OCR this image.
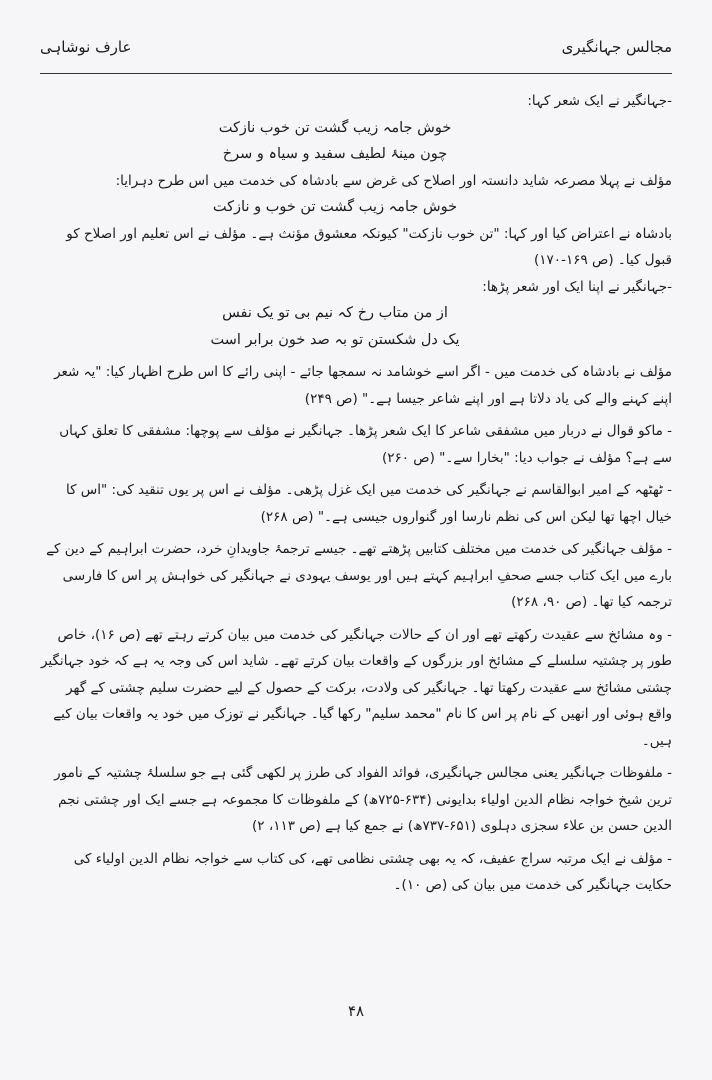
مجالس جہانگیری
عارف نوشاہی

-جہانگیر نے ایک شعر کہا:

خوش جامہ زیب گشت تن خوب نازکت

چون مینۂ لطیف سفید و سیاہ و سرخ

مؤلف نے پہلا مصرعہ شاید دانستہ اور اصلاح کی غرض سے بادشاہ کی خدمت میں اس طرح دہرایا:

خوش جامہ زیب گشت تن خوب و نازکت

بادشاہ نے اعتراض کیا اور کہا: "تن خوب نازکت" کیونکہ معشوق مؤنث ہے۔ مؤلف نے اس تعلیم اور اصلاح کو قبول کیا۔ (ص ۱۶۹-۱۷۰)

-جہانگیر نے اپنا ایک اور شعر پڑھا:

از من متاب رخ کہ نیم بی تو یک نفس

یک دل شکستن تو بہ صد خون برابر است

مؤلف نے بادشاہ کی خدمت میں - اگر اسے خوشامد نہ سمجھا جائے - اپنی رائے کا اس طرح اظہار کیا: "یہ شعر اپنے کہنے والے کی یاد دلاتا ہے اور اپنے شاعر جیسا ہے۔" (ص ۲۴۹)

- ماکو قوال نے دربار میں مشفقی شاعر کا ایک شعر پڑھا۔ جہانگیر نے مؤلف سے پوچھا: مشفقی کا تعلق کہاں سے ہے؟ مؤلف نے جواب دیا: "بخارا سے۔" (ص ۲۶۰)

- ٹھٹھہ کے امیر ابوالقاسم نے جہانگیر کی خدمت میں ایک غزل پڑھی۔ مؤلف نے اس پر یوں تنقید کی: "اس کا خیال اچھا تھا لیکن اس کی نظم نارسا اور گنواروں جیسی ہے۔" (ص ۲۶۸)

- مؤلف جہانگیر کی خدمت میں مختلف کتابیں پڑھتے تھے۔ جیسے ترجمۂ جاویدانِ خرد، حضرت ابراہیم کے دین کے بارے میں ایک کتاب جسے صحفِ ابراہیم کہتے ہیں اور یوسف یہودی نے جہانگیر کی خواہش پر اس کا فارسی ترجمہ کیا تھا۔ (ص ۹۰، ۲۶۸)

- وہ مشائخ سے عقیدت رکھتے تھے اور ان کے حالات جہانگیر کی خدمت میں بیان کرتے رہتے تھے (ص ۱۶)، خاص طور پر چشتیہ سلسلے کے مشائخ اور بزرگوں کے واقعات بیان کرتے تھے۔ شاید اس کی وجہ یہ ہے کہ خود جہانگیر چشتی مشائخ سے عقیدت رکھتا تھا۔ جہانگیر کی ولادت، برکت کے حصول کے لیے حضرت سلیم چشتی کے گھر واقع ہوئی اور انھیں کے نام پر اس کا نام "محمد سلیم" رکھا گیا۔ جہانگیر نے توزک میں خود یہ واقعات بیان کیے ہیں۔

- ملفوظات جہانگیر یعنی مجالس جہانگیری، فوائد الفواد کی طرز پر لکھی گئی ہے جو سلسلۂ چشتیہ کے نامور ترین شیخ خواجہ نظام الدین اولیاء بدایونی (۶۳۴-۷۲۵ھ) کے ملفوظات کا مجموعہ ہے جسے ایک اور چشتی نجم الدین حسن بن علاء سجزی دہلوی (۶۵۱-۷۳۷ھ) نے جمع کیا ہے (ص ۱۱۳، ۲)

- مؤلف نے ایک مرتبہ سراج عفیف، کہ یہ بھی چشتی نظامی تھے، کی کتاب سے خواجہ نظام الدین اولیاء کی حکایت جہانگیر کی خدمت میں بیان کی (ص ۱۰)۔

۴۸
